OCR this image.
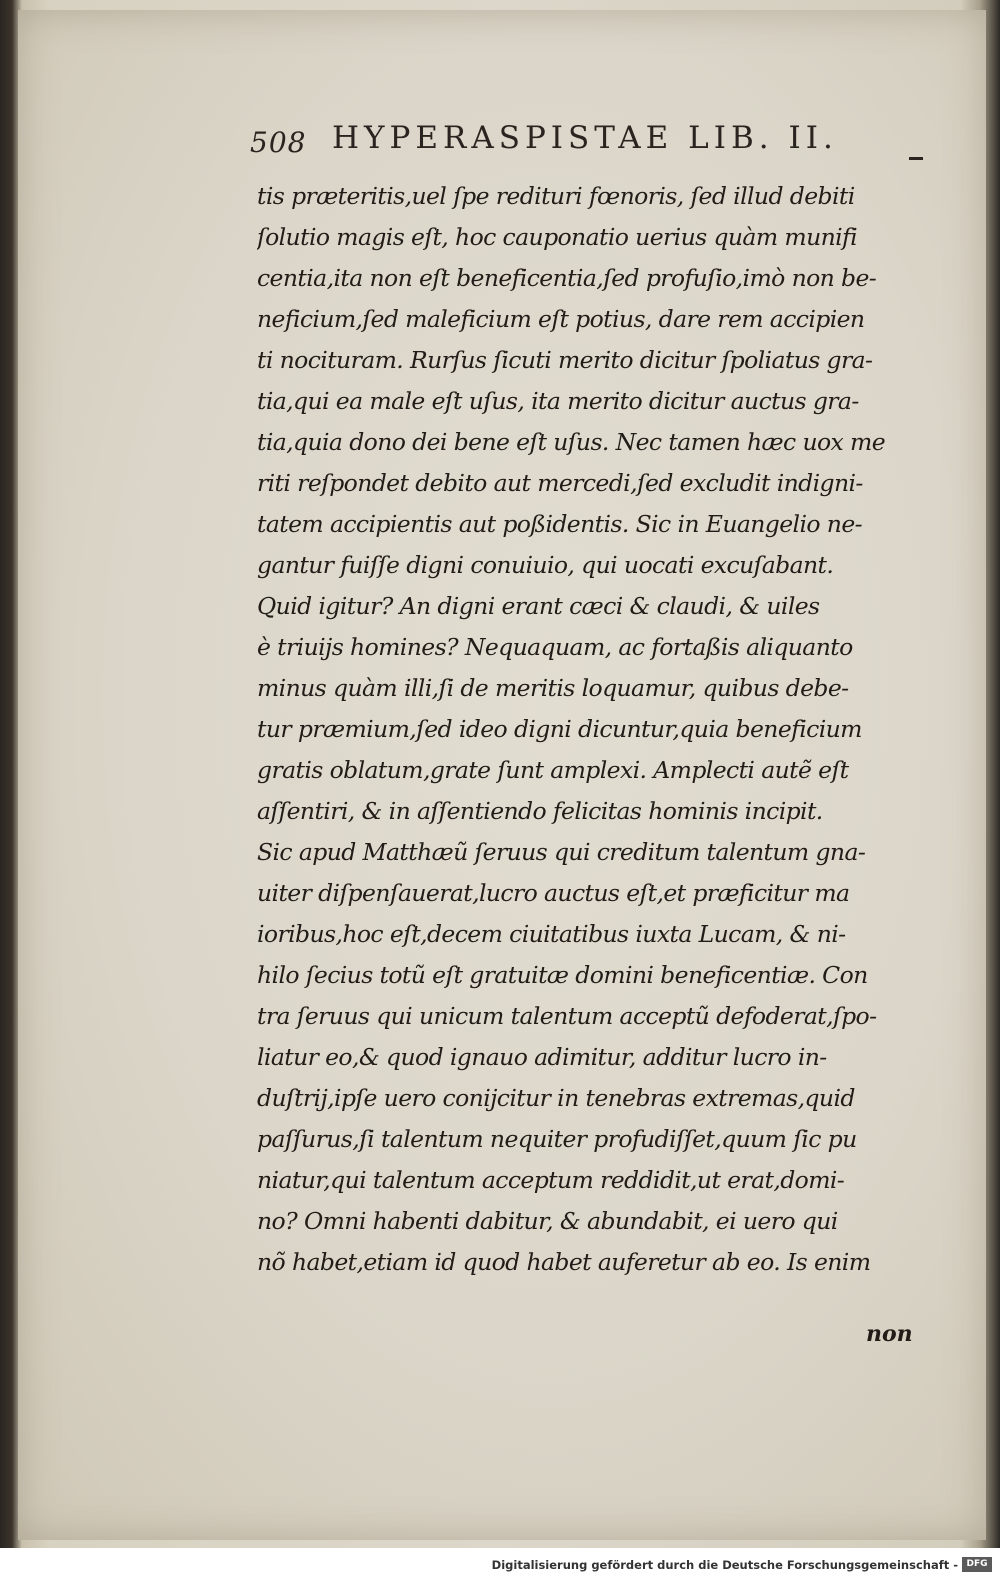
508 HYPERASPISTAE LIB. II.
tis præteritis,uel ſpe redituri fœnoris, ſed illud debiti
ſolutio magis eſt, hoc cauponatio uerius quàm munifi
centia,ita non eſt beneficentia,ſed profuſio,imò non be-
neficium,ſed maleficium eſt potius, dare rem accipien
ti nocituram. Rurſus ſicuti merito dicitur ſpoliatus gra-
tia,qui ea male eſt uſus, ita merito dicitur auctus gra-
tia,quia dono dei bene eſt uſus. Nec tamen hæc uox me
riti reſpondet debito aut mercedi,ſed excludit indigni-
tatem accipientis aut poßidentis. Sic in Euangelio ne-
gantur fuiſſe digni conuiuio, qui uocati excuſabant.
Quid igitur? An digni erant cæci & claudi, & uiles
è triuijs homines? Nequaquam, ac fortaßis aliquanto
minus quàm illi,ſi de meritis loquamur, quibus debe-
tur præmium,ſed ideo digni dicuntur,quia beneficium
gratis oblatum,grate ſunt amplexi. Amplecti autẽ eſt
aſſentiri, & in aſſentiendo felicitas hominis incipit.
Sic apud Matthæũ ſeruus qui creditum talentum gna-
uiter diſpenſauerat,lucro auctus eſt,et præficitur ma
ioribus,hoc eſt,decem ciuitatibus iuxta Lucam, & ni-
hilo ſecius totũ eſt gratuitæ domini beneficentiæ. Con
tra ſeruus qui unicum talentum acceptũ defoderat,ſpo-
liatur eo,& quod ignauo adimitur, additur lucro in-
duſtrij,ipſe uero conijcitur in tenebras extremas,quid
paſſurus,ſi talentum nequiter profudiſſet,quum ſic pu
niatur,qui talentum acceptum reddidit,ut erat,domi-
no? Omni habenti dabitur, & abundabit, ei uero qui
nõ habet,etiam id quod habet auferetur ab eo. Is enim
non
Digitalisierung gefördert durch die Deutsche Forschungsgemeinschaft - DFG
